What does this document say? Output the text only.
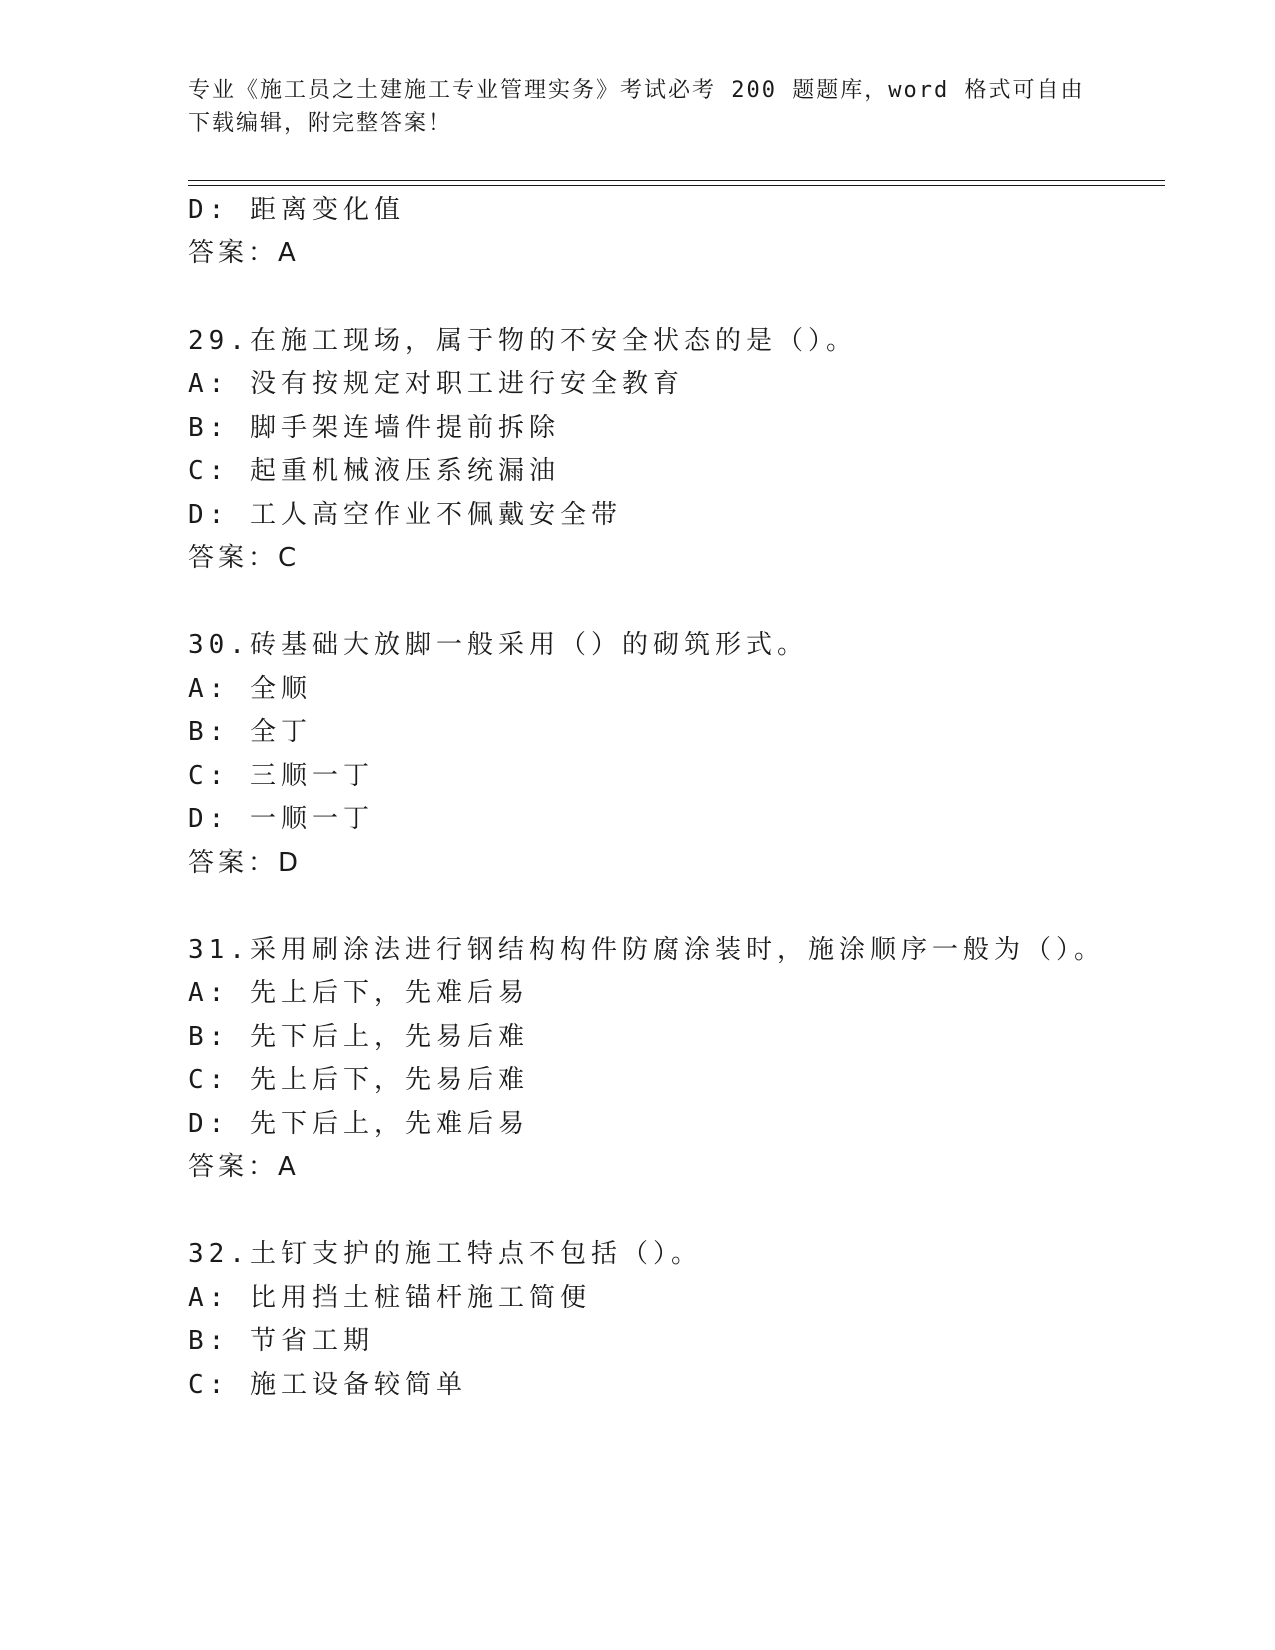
专业《施工员之土建施工专业管理实务》考试必考 200 题题库，word 格式可自由
下载编辑，附完整答案！
D: 距离变化值
答案：A
29.在施工现场，属于物的不安全状态的是（）。
A: 没有按规定对职工进行安全教育
B: 脚手架连墙件提前拆除
C: 起重机械液压系统漏油
D: 工人高空作业不佩戴安全带
答案：C
30.砖基础大放脚一般采用（）的砌筑形式。
A: 全顺
B: 全丁
C: 三顺一丁
D: 一顺一丁
答案：D
31.采用刷涂法进行钢结构构件防腐涂装时，施涂顺序一般为（）。
A: 先上后下，先难后易
B: 先下后上，先易后难
C: 先上后下，先易后难
D: 先下后上，先难后易
答案：A
32.土钉支护的施工特点不包括（）。
A: 比用挡土桩锚杆施工简便
B: 节省工期
C: 施工设备较简单
